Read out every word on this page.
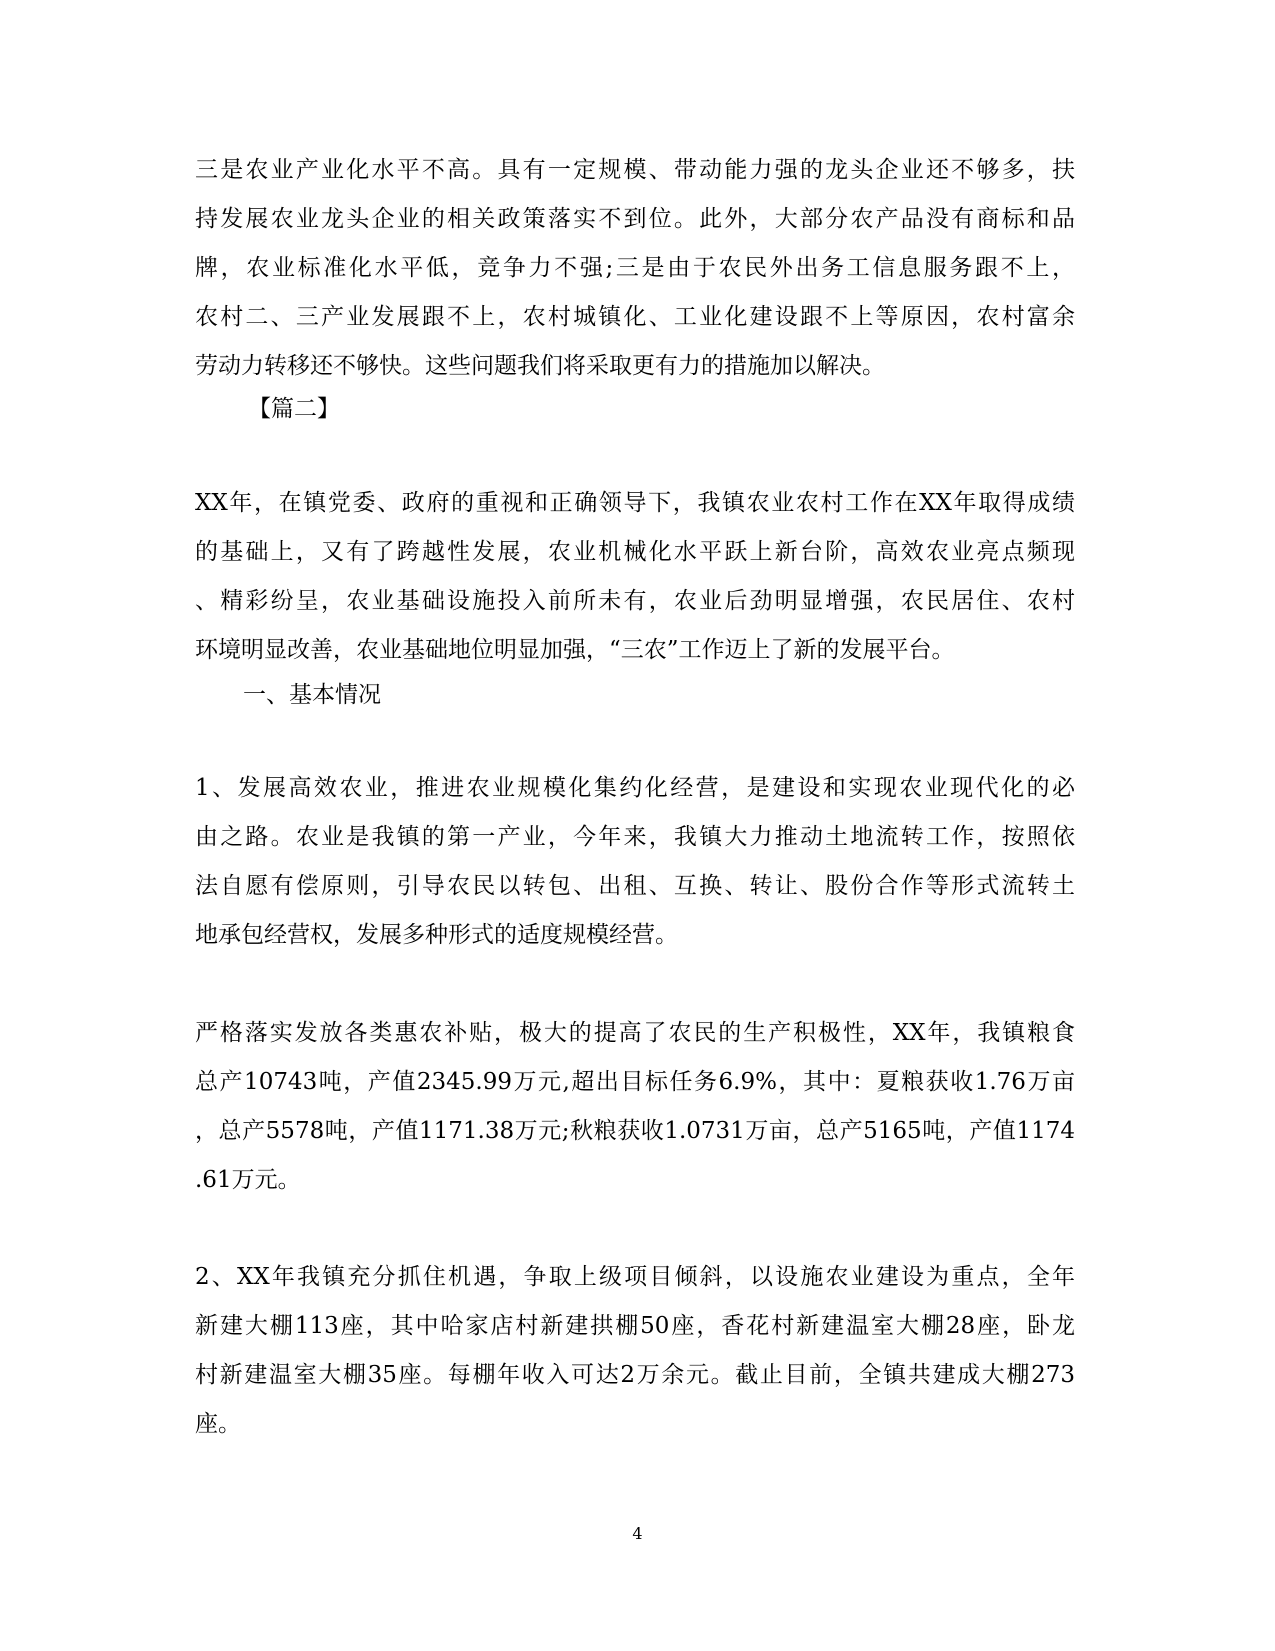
三是农业产业化水平不高。具有一定规模、带动能力强的龙头企业还不够多，扶
持发展农业龙头企业的相关政策落实不到位。此外，大部分农产品没有商标和品
牌，农业标准化水平低，竞争力不强;三是由于农民外出务工信息服务跟不上，
农村二、三产业发展跟不上，农村城镇化、工业化建设跟不上等原因，农村富余
劳动力转移还不够快。这些问题我们将采取更有力的措施加以解决。
【篇二】
XX年，在镇党委、政府的重视和正确领导下，我镇农业农村工作在XX年取得成绩
的基础上，又有了跨越性发展，农业机械化水平跃上新台阶，高效农业亮点频现
、精彩纷呈，农业基础设施投入前所未有，农业后劲明显增强，农民居住、农村
环境明显改善，农业基础地位明显加强，“三农”工作迈上了新的发展平台。
一、基本情况
1、发展高效农业，推进农业规模化集约化经营，是建设和实现农业现代化的必
由之路。农业是我镇的第一产业，今年来，我镇大力推动土地流转工作，按照依
法自愿有偿原则，引导农民以转包、出租、互换、转让、股份合作等形式流转土
地承包经营权，发展多种形式的适度规模经营。
严格落实发放各类惠农补贴，极大的提高了农民的生产积极性，XX年，我镇粮食
总产10743吨，产值2345.99万元,超出目标任务6.9%，其中：夏粮获收1.76万亩
，总产5578吨，产值1171.38万元;秋粮获收1.0731万亩，总产5165吨，产值1174
.61万元。
2、XX年我镇充分抓住机遇，争取上级项目倾斜，以设施农业建设为重点，全年
新建大棚113座，其中哈家店村新建拱棚50座，香花村新建温室大棚28座，卧龙
村新建温室大棚35座。每棚年收入可达2万余元。截止目前，全镇共建成大棚273
座。
4
